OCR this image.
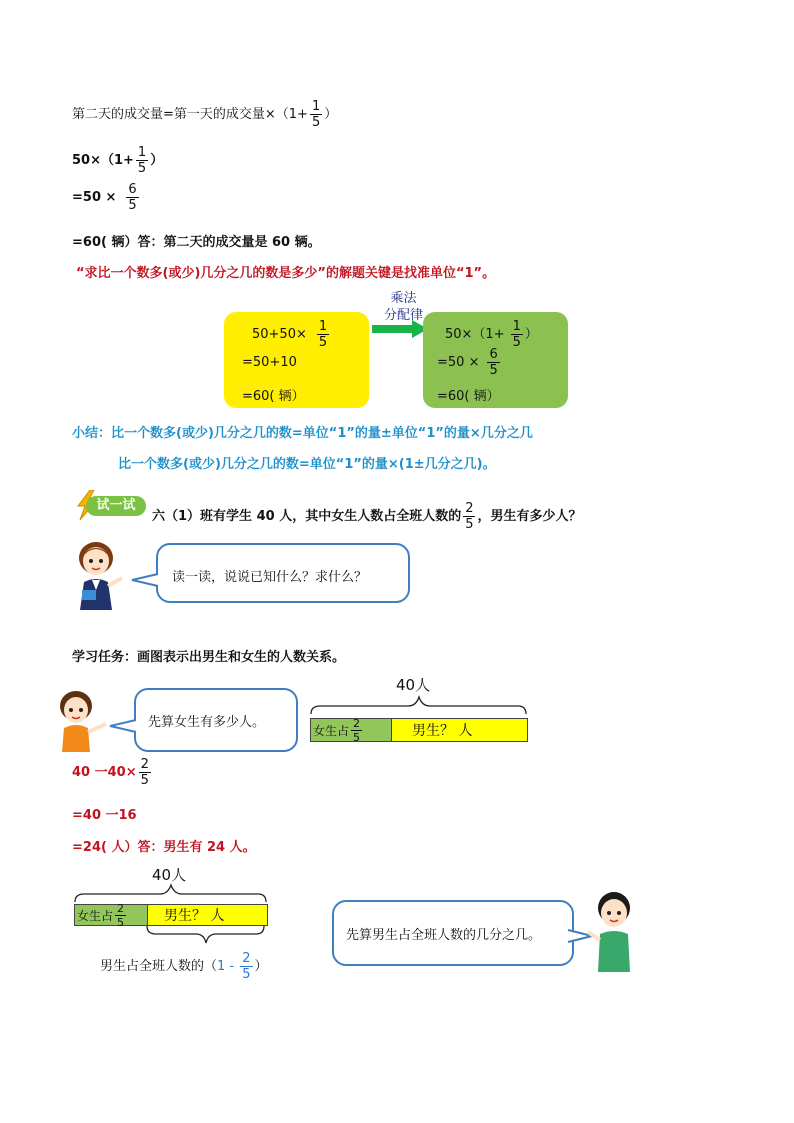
第二天的成交量=第一天的成交量$\times(1+ \frac{1}{5}$ ）
$50\times(1+ \frac{1}{5}$ ）
$=50 \times \frac{6}{5}$
=60( 辆）答：第二天的成交量是 60 辆。
“求比一个数多(或少)几分之几的数是多少”的解题关键是找准单位“1”。
$50+50\times \frac{1}{5}$
=50+10
=60( 辆）
乘法
分配律
$50\times(1+ \frac{1}{5}$ ）
$=50 \times \frac{6}{5}$
=60( 辆）
小结：比一个数多(或少)几分之几的数=单位“1”的量±单位“1”的量×几分之几
比一个数多(或少)几分之几的数=单位“1”的量×(1±几分之几)。
试一试
六（1）班有学生 40 人，其中女生人数占全班人数的 $\frac{2}{5}$ ，男生有多少人？
读一读，说说已知什么？求什么？
学习任务：画图表示出男生和女生的人数关系。
先算女生有多少人。
40人
女生占 $\frac{2}{5}$	男生？ 人
40 一$40\times \frac{2}{5}$
=40 一16
=24( 人）答：男生有 24 人。
40人
女生占 $\frac{2}{5}$	男生？ 人
男生占全班人数的（$1 - \frac{2}{5}$ ）
先算男生占全班人数的几分之几。
